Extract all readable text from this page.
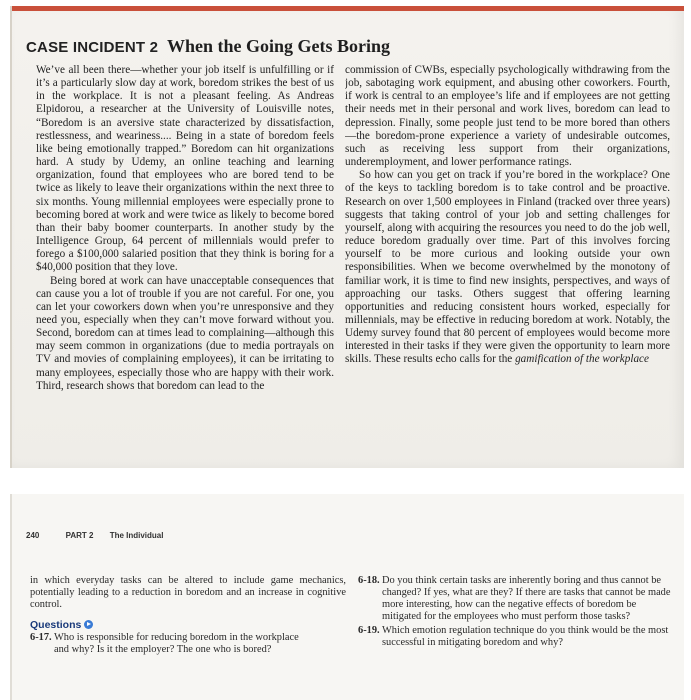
CASE INCIDENT 2 When the Going Gets Boring

We’ve all been there—whether your job itself is unfulfilling or if it’s a particularly slow day at work, boredom strikes the best of us in the workplace. It is not a pleasant feeling. As Andreas Elpidorou, a researcher at the University of Louisville notes, “Boredom is an aversive state characterized by dissatisfaction, restlessness, and weariness.... Being in a state of boredom feels like being emotionally trapped.” Boredom can hit organizations hard. A study by Udemy, an online teaching and learning organization, found that employees who are bored tend to be twice as likely to leave their organizations within the next three to six months. Young millennial employees were especially prone to becoming bored at work and were twice as likely to become bored than their baby boomer counterparts. In another study by the Intelligence Group, 64 percent of millennials would prefer to forego a $100,000 salaried position that they think is boring for a $40,000 position that they love.

Being bored at work can have unacceptable consequences that can cause you a lot of trouble if you are not careful. For one, you can let your coworkers down when you’re unresponsive and they need you, especially when they can’t move forward without you. Second, boredom can at times lead to complaining—although this may seem common in organizations (due to media portrayals on TV and movies of complaining employees), it can be irritating to many employees, especially those who are happy with their work. Third, research shows that boredom can lead to the

commission of CWBs, especially psychologically withdrawing from the job, sabotaging work equipment, and abusing other coworkers. Fourth, if work is central to an employee’s life and if employees are not getting their needs met in their personal and work lives, boredom can lead to depression. Finally, some people just tend to be more bored than others—the boredom-prone experience a variety of undesirable outcomes, such as receiving less support from their organizations, underemployment, and lower performance ratings.

So how can you get on track if you’re bored in the workplace? One of the keys to tackling boredom is to take control and be proactive. Research on over 1,500 employees in Finland (tracked over three years) suggests that taking control of your job and setting challenges for yourself, along with acquiring the resources you need to do the job well, reduce boredom gradually over time. Part of this involves forcing yourself to be more curious and looking outside your own responsibilities. When we become overwhelmed by the monotony of familiar work, it is time to find new insights, perspectives, and ways of approaching our tasks. Others suggest that offering learning opportunities and reducing consistent hours worked, especially for millennials, may be effective in reducing boredom at work. Notably, the Udemy survey found that 80 percent of employees would become more interested in their tasks if they were given the opportunity to learn more skills. These results echo calls for the gamification of the workplace

240	PART 2 The Individual

in which everyday tasks can be altered to include game mechanics, potentially leading to a reduction in boredom and an increase in cognitive control.

Questions
6-17. Who is responsible for reducing boredom in the workplace and why? Is it the employer? The one who is bored?
6-18. Do you think certain tasks are inherently boring and thus cannot be changed? If yes, what are they? If there are tasks that cannot be made more interesting, how can the negative effects of boredom be mitigated for the employees who must perform those tasks?
6-19. Which emotion regulation technique do you think would be the most successful in mitigating boredom and why?
